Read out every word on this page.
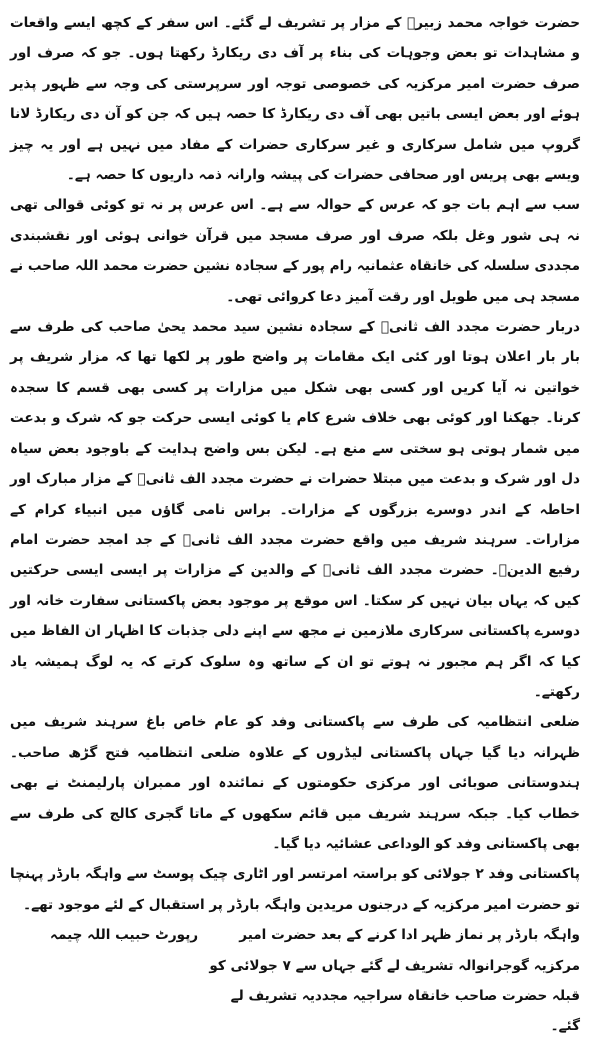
حضرت خواجہ محمد زبیرؒ کے مزار پر تشریف لے گئے۔ اس سفر کے کچھ ایسے واقعات و مشاہدات تو بعض وجوہات کی بناء پر آف دی ریکارڈ رکھتا ہوں۔ جو کہ صرف اور صرف حضرت امیر مرکزیہ کی خصوصی توجہ اور سرپرستی کی وجہ سے ظہور پذیر ہوئے اور بعض ایسی باتیں بھی آف دی ریکارڈ کا حصہ ہیں کہ جن کو آن دی ریکارڈ لانا گروپ میں شامل سرکاری و غیر سرکاری حضرات کے مفاد میں نہیں ہے اور یہ چیز ویسے بھی پریس اور صحافی حضرات کی پیشہ وارانہ ذمہ داریوں کا حصہ ہے۔

سب سے اہم بات جو کہ عرس کے حوالہ سے ہے۔ اس عرس پر نہ تو کوئی قوالی تھی نہ ہی شور وغل بلکہ صرف اور صرف مسجد میں قرآن خوانی ہوئی اور نقشبندی مجددی سلسلہ کی خانقاہ عثمانیہ رام پور کے سجادہ نشین حضرت محمد اللہ صاحب نے مسجد ہی میں طویل اور رقت آمیز دعا کروائی تھی۔

دربار حضرت مجدد الف ثانیؒ کے سجادہ نشین سید محمد یحیٰ صاحب کی طرف سے بار بار اعلان ہوتا اور کئی ایک مقامات پر واضح طور پر لکھا تھا کہ مزار شریف پر خواتین نہ آیا کریں اور کسی بھی شکل میں مزارات پر کسی بھی قسم کا سجدہ کرنا۔ جھکنا اور کوئی بھی خلاف شرع کام یا کوئی ایسی حرکت جو کہ شرک و بدعت میں شمار ہوتی ہو سختی سے منع ہے۔ لیکن بس واضح ہدایت کے باوجود بعض سیاہ دل اور شرک و بدعت میں مبتلا حضرات نے حضرت مجدد الف ثانیؒ کے مزار مبارک اور احاطہ کے اندر دوسرے بزرگوں کے مزارات۔ براس نامی گاؤں میں انبیاء کرام کے مزارات۔ سرہند شریف میں واقع حضرت مجدد الف ثانیؒ کے جد امجد حضرت امام رفیع الدینؒ۔ حضرت مجدد الف ثانیؒ کے والدین کے مزارات پر ایسی ایسی حرکتیں کیں کہ یہاں بیان نہیں کر سکتا۔ اس موقع پر موجود بعض پاکستانی سفارت خانہ اور دوسرے پاکستانی سرکاری ملازمین نے مجھ سے اپنے دلی جذبات کا اظہار ان الفاظ میں کیا کہ اگر ہم مجبور نہ ہوتے تو ان کے ساتھ وہ سلوک کرتے کہ یہ لوگ ہمیشہ یاد رکھتے۔

ضلعی انتظامیہ کی طرف سے پاکستانی وفد کو عام خاص باغ سرہند شریف میں ظہرانہ دیا گیا جہاں پاکستانی لیڈروں کے علاوہ ضلعی انتظامیہ فتح گڑھ صاحب۔ ہندوستانی صوبائی اور مرکزی حکومتوں کے نمائندہ اور ممبران پارلیمنٹ نے بھی خطاب کیا۔ جبکہ سرہند شریف میں قائم سکھوں کے ماتا گجری کالج کی طرف سے بھی پاکستانی وفد کو الوداعی عشائیہ دیا گیا۔

پاکستانی وفد ۲ جولائی کو براستہ امرتسر اور اٹاری چیک پوسٹ سے واہگہ بارڈر پہنچا تو حضرت امیر مرکزیہ کے درجنوں مریدین واہگہ بارڈر پر استقبال کے لئے موجود تھے۔

واہگہ بارڈر پر نماز ظہر ادا کرنے کے بعد حضرت امیر مرکزیہ گوجرانوالہ تشریف لے گئے جہاں سے ۷ جولائی کو قبلہ حضرت صاحب خانقاہ سراجیہ مجددیہ تشریف لے گئے۔
رپورٹ حبیب اللہ چیمہ
